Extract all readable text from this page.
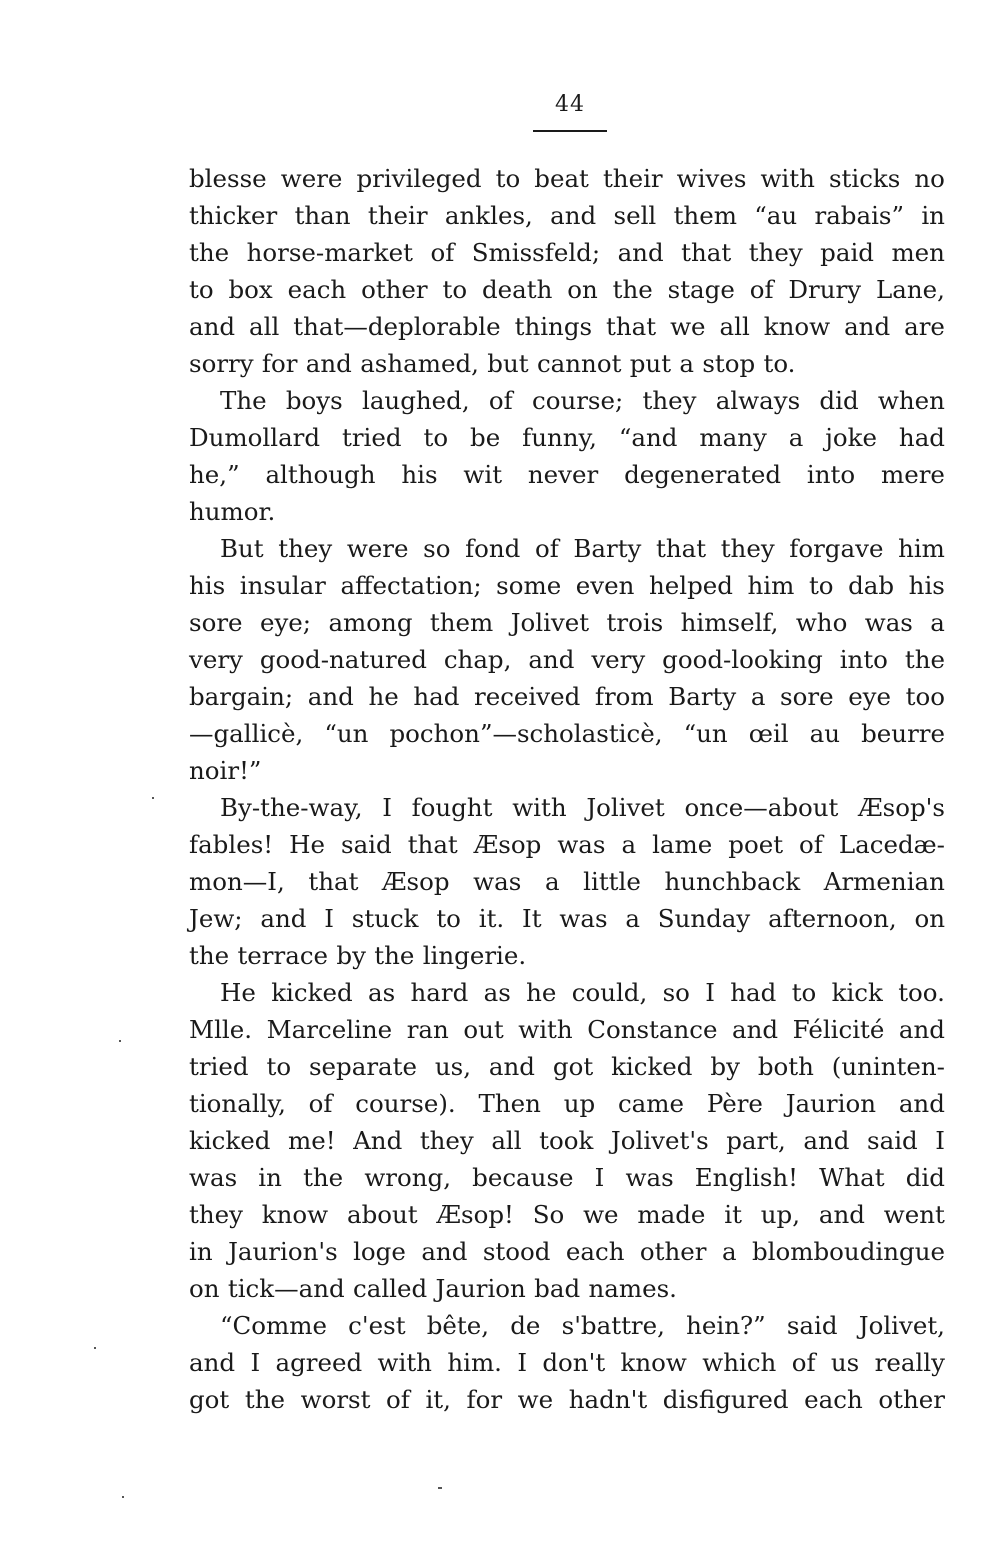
44
blesse were privileged to beat their wives with sticks no
thicker than their ankles, and sell them “au rabais” in
the horse-market of Smissfeld; and that they paid men
to box each other to death on the stage of Drury Lane,
and all that—deplorable things that we all know and are
sorry for and ashamed, but cannot put a stop to.
The boys laughed, of course; they always did when
Dumollard tried to be funny, “and many a joke had
he,” although his wit never degenerated into mere
humor.
But they were so fond of Barty that they forgave him
his insular affectation; some even helped him to dab his
sore eye; among them Jolivet trois himself, who was a
very good-natured chap, and very good-looking into the
bargain; and he had received from Barty a sore eye too
—gallicè, “un pochon”—scholasticè, “un œil au beurre
noir!”
By-the-way, I fought with Jolivet once—about Æsop's
fables! He said that Æsop was a lame poet of Lacedæ-
mon—I, that Æsop was a little hunchback Armenian
Jew; and I stuck to it. It was a Sunday afternoon, on
the terrace by the lingerie.
He kicked as hard as he could, so I had to kick too.
Mlle. Marceline ran out with Constance and Félicité and
tried to separate us, and got kicked by both (uninten-
tionally, of course). Then up came Père Jaurion and
kicked me! And they all took Jolivet's part, and said I
was in the wrong, because I was English! What did
they know about Æsop! So we made it up, and went
in Jaurion's loge and stood each other a blomboudingue
on tick—and called Jaurion bad names.
“Comme c'est bête, de s'battre, hein?” said Jolivet,
and I agreed with him. I don't know which of us really
got the worst of it, for we hadn't disfigured each other
